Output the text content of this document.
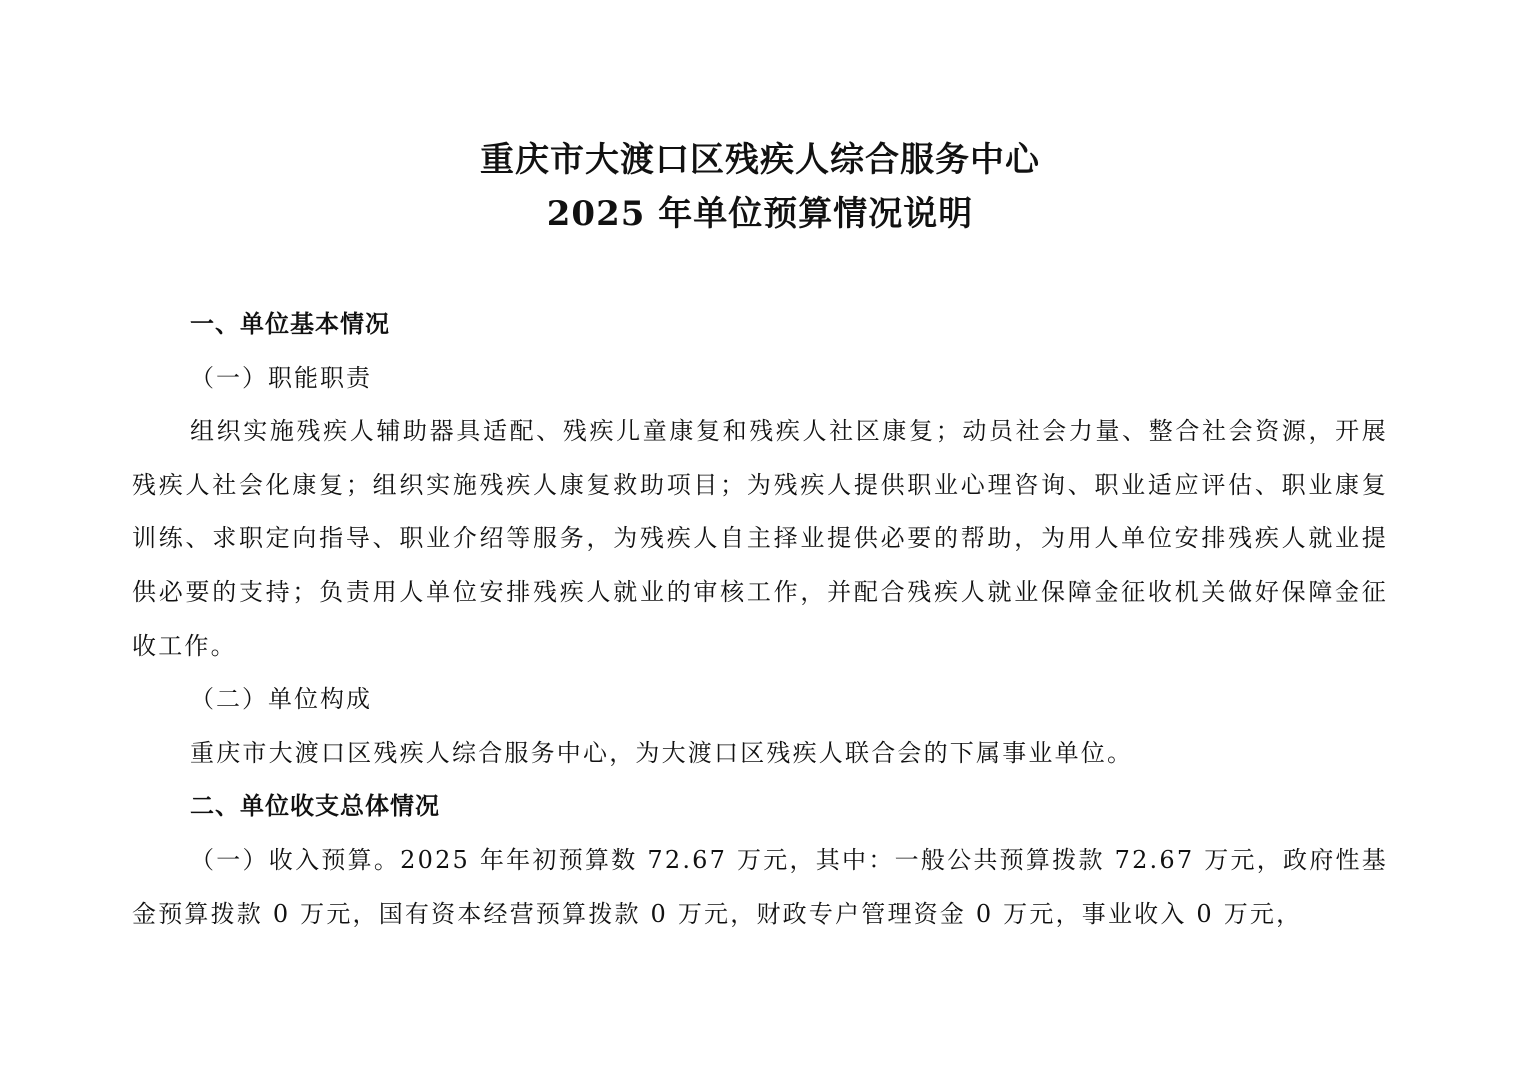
重庆市大渡口区残疾人综合服务中心
2025 年单位预算情况说明

一、单位基本情况

（一）职能职责

组织实施残疾人辅助器具适配、残疾儿童康复和残疾人社区康复；动员社会力量、整合社会资源，开展残疾人社会化康复；组织实施残疾人康复救助项目；为残疾人提供职业心理咨询、职业适应评估、职业康复训练、求职定向指导、职业介绍等服务，为残疾人自主择业提供必要的帮助，为用人单位安排残疾人就业提供必要的支持；负责用人单位安排残疾人就业的审核工作，并配合残疾人就业保障金征收机关做好保障金征收工作。

（二）单位构成

重庆市大渡口区残疾人综合服务中心，为大渡口区残疾人联合会的下属事业单位。

二、单位收支总体情况

（一）收入预算。2025 年年初预算数 72.67 万元，其中：一般公共预算拨款 72.67 万元，政府性基金预算拨款 0 万元，国有资本经营预算拨款 0 万元，财政专户管理资金 0 万元，事业收入 0 万元，
